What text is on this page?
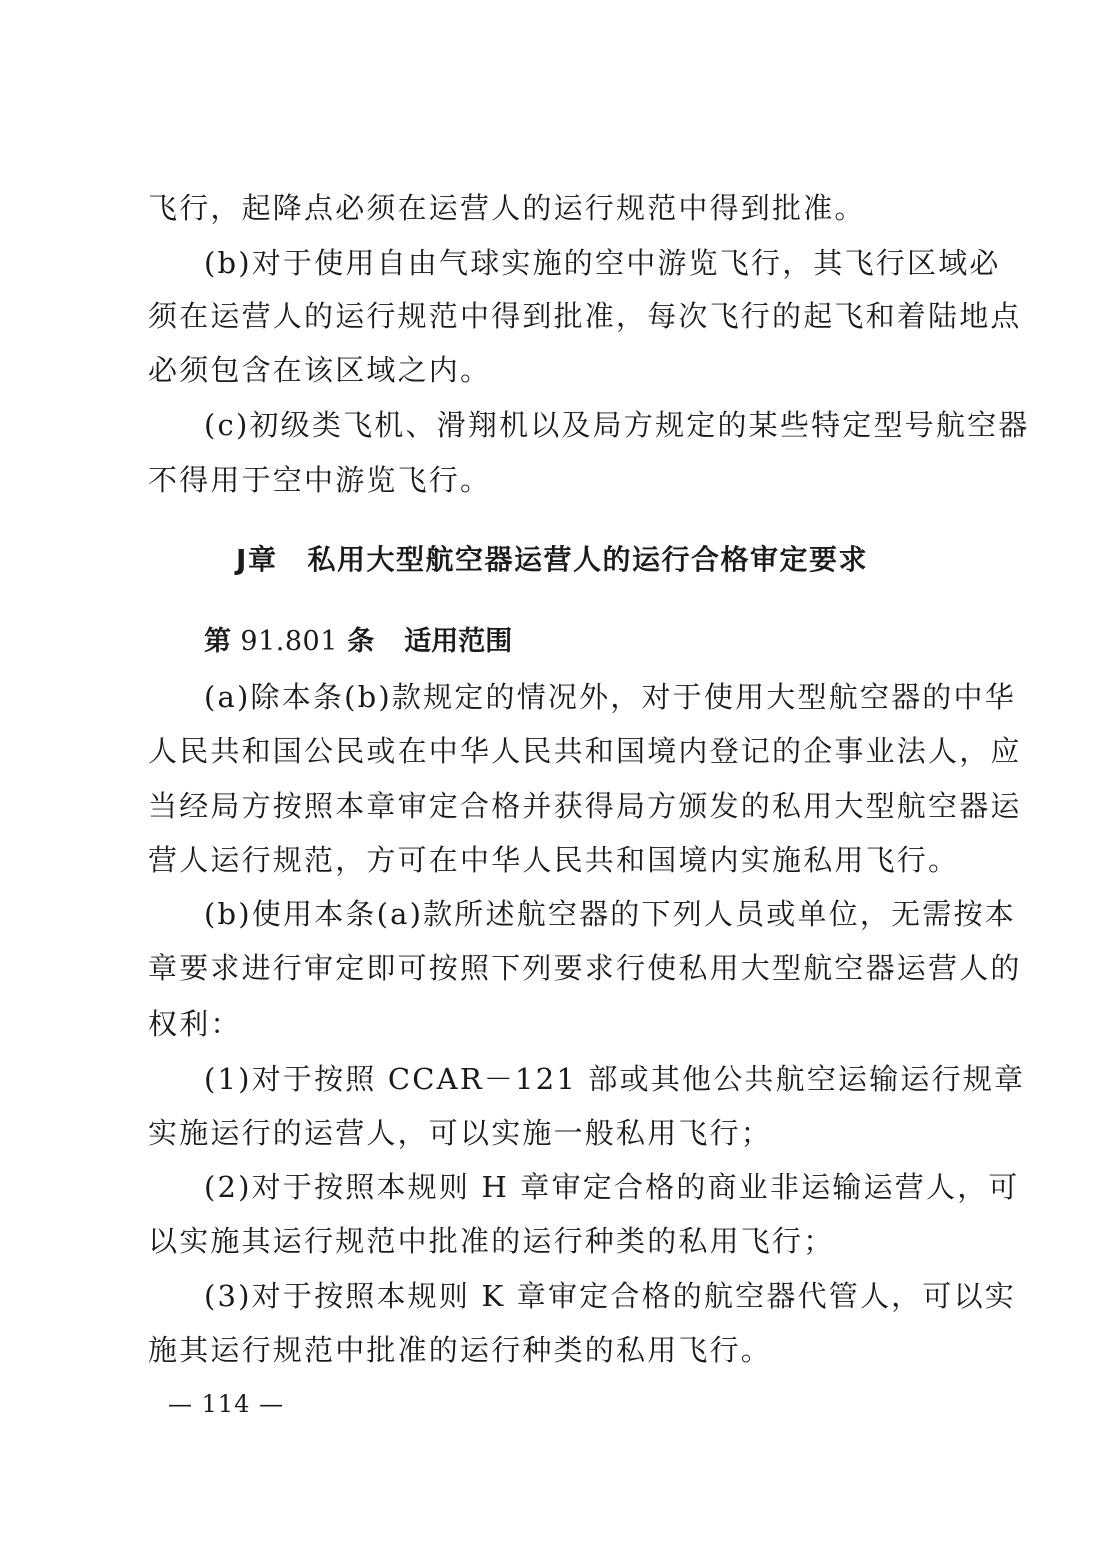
飞行，起降点必须在运营人的运行规范中得到批准。
(b)对于使用自由气球实施的空中游览飞行，其飞行区域必
须在运营人的运行规范中得到批准，每次飞行的起飞和着陆地点
必须包含在该区域之内。
(c)初级类飞机、滑翔机以及局方规定的某些特定型号航空器
不得用于空中游览飞行。
J章 私用大型航空器运营人的运行合格审定要求
第 91.801 条 适用范围
(a)除本条(b)款规定的情况外，对于使用大型航空器的中华
人民共和国公民或在中华人民共和国境内登记的企事业法人，应
当经局方按照本章审定合格并获得局方颁发的私用大型航空器运
营人运行规范，方可在中华人民共和国境内实施私用飞行。
(b)使用本条(a)款所述航空器的下列人员或单位，无需按本
章要求进行审定即可按照下列要求行使私用大型航空器运营人的
权利：
(1)对于按照 CCAR－121 部或其他公共航空运输运行规章
实施运行的运营人，可以实施一般私用飞行；
(2)对于按照本规则 H 章审定合格的商业非运输运营人，可
以实施其运行规范中批准的运行种类的私用飞行；
(3)对于按照本规则 K 章审定合格的航空器代管人，可以实
施其运行规范中批准的运行种类的私用飞行。
— 114 —
